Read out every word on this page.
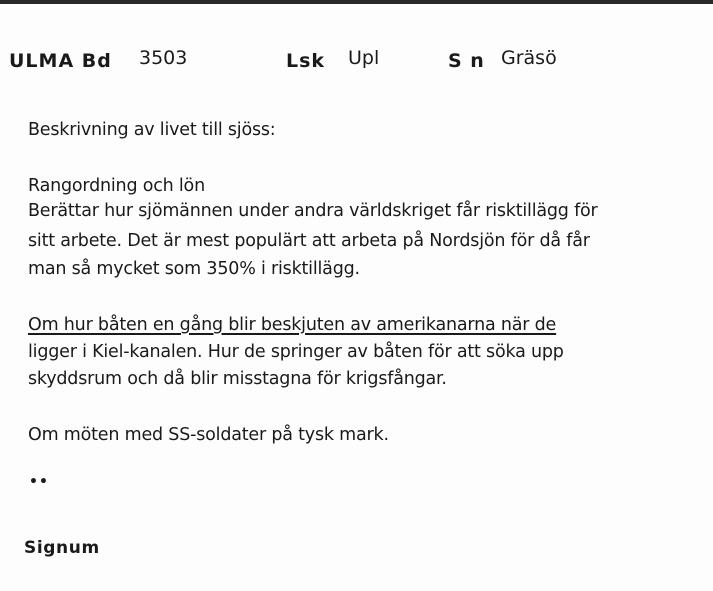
ULMA Bd 3503	Lsk Upl	S n Gräsö
Beskrivning av livet till sjöss:
Rangordning och lön
Berättar hur sjömännen under andra världskriget får risktillägg för
sitt arbete. Det är mest populärt att arbeta på Nordsjön för då får
man så mycket som 350% i risktillägg.
Om hur båten en gång blir beskjuten av amerikanarna när de
ligger i Kiel-kanalen. Hur de springer av båten för att söka upp
skyddsrum och då blir misstagna för krigsfångar.
Om möten med SS-soldater på tysk mark.
••
Signum
